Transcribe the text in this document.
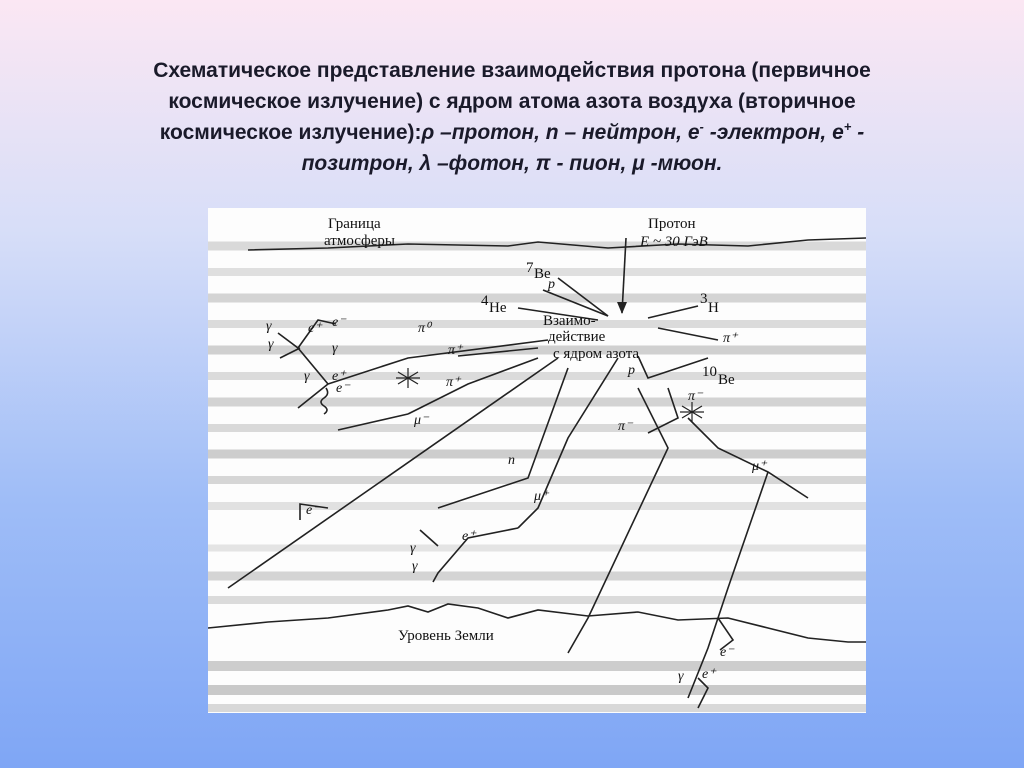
Схематическое представление взаимодействия протона (первичное
космическое излучение) с ядром атома азота воздуха (вторичное
космическое излучение):ρ –протон, n – нейтрон, е- -электрон, е+ -
позитрон, λ –фотон, π - пион, μ -мюон.
Граница
атмосферы
Протон
E ~ 30 ГэВ
Взаимо-
действие
с ядром азота
7 Be
p
4 He
3
H
π⁰
π⁺
π⁺
γ	e⁺ e⁻
γ	γ
γ e⁺
e⁻	π⁺
μ⁻
p	10 Be
π⁻
π⁻
μ⁺
n
μ⁺
e⁻
e⁺
γ
γ
Уровень Земли
e⁻
γ e⁺
